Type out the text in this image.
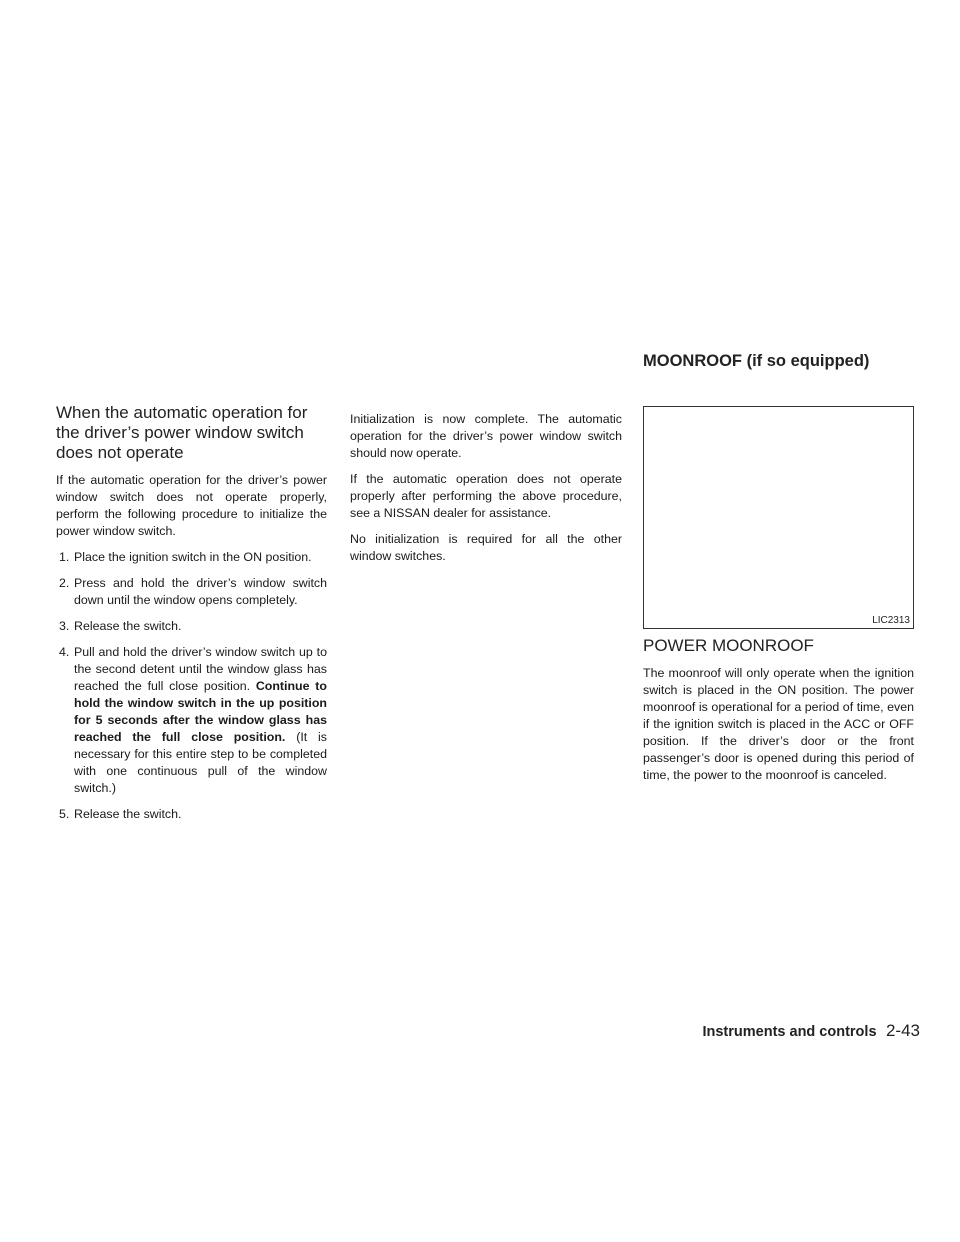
MOONROOF (if so equipped)
When the automatic operation for the driver’s power window switch does not operate

If the automatic operation for the driver’s power window switch does not operate properly, perform the following procedure to initialize the power window switch.

1. Place the ignition switch in the ON position.
2. Press and hold the driver’s window switch down until the window opens completely.
3. Release the switch.
4. Pull and hold the driver’s window switch up to the second detent until the window glass has reached the full close position. Continue to hold the window switch in the up position for 5 seconds after the window glass has reached the full close position. (It is necessary for this entire step to be completed with one continuous pull of the window switch.)
5. Release the switch.

Initialization is now complete. The automatic operation for the driver’s power window switch should now operate.

If the automatic operation does not operate properly after performing the above procedure, see a NISSAN dealer for assistance.

No initialization is required for all the other window switches.

LIC2313
POWER MOONROOF

The moonroof will only operate when the ignition switch is placed in the ON position. The power moonroof is operational for a period of time, even if the ignition switch is placed in the ACC or OFF position. If the driver’s door or the front passenger’s door is opened during this period of time, the power to the moonroof is canceled.

Instruments and controls 2-43
